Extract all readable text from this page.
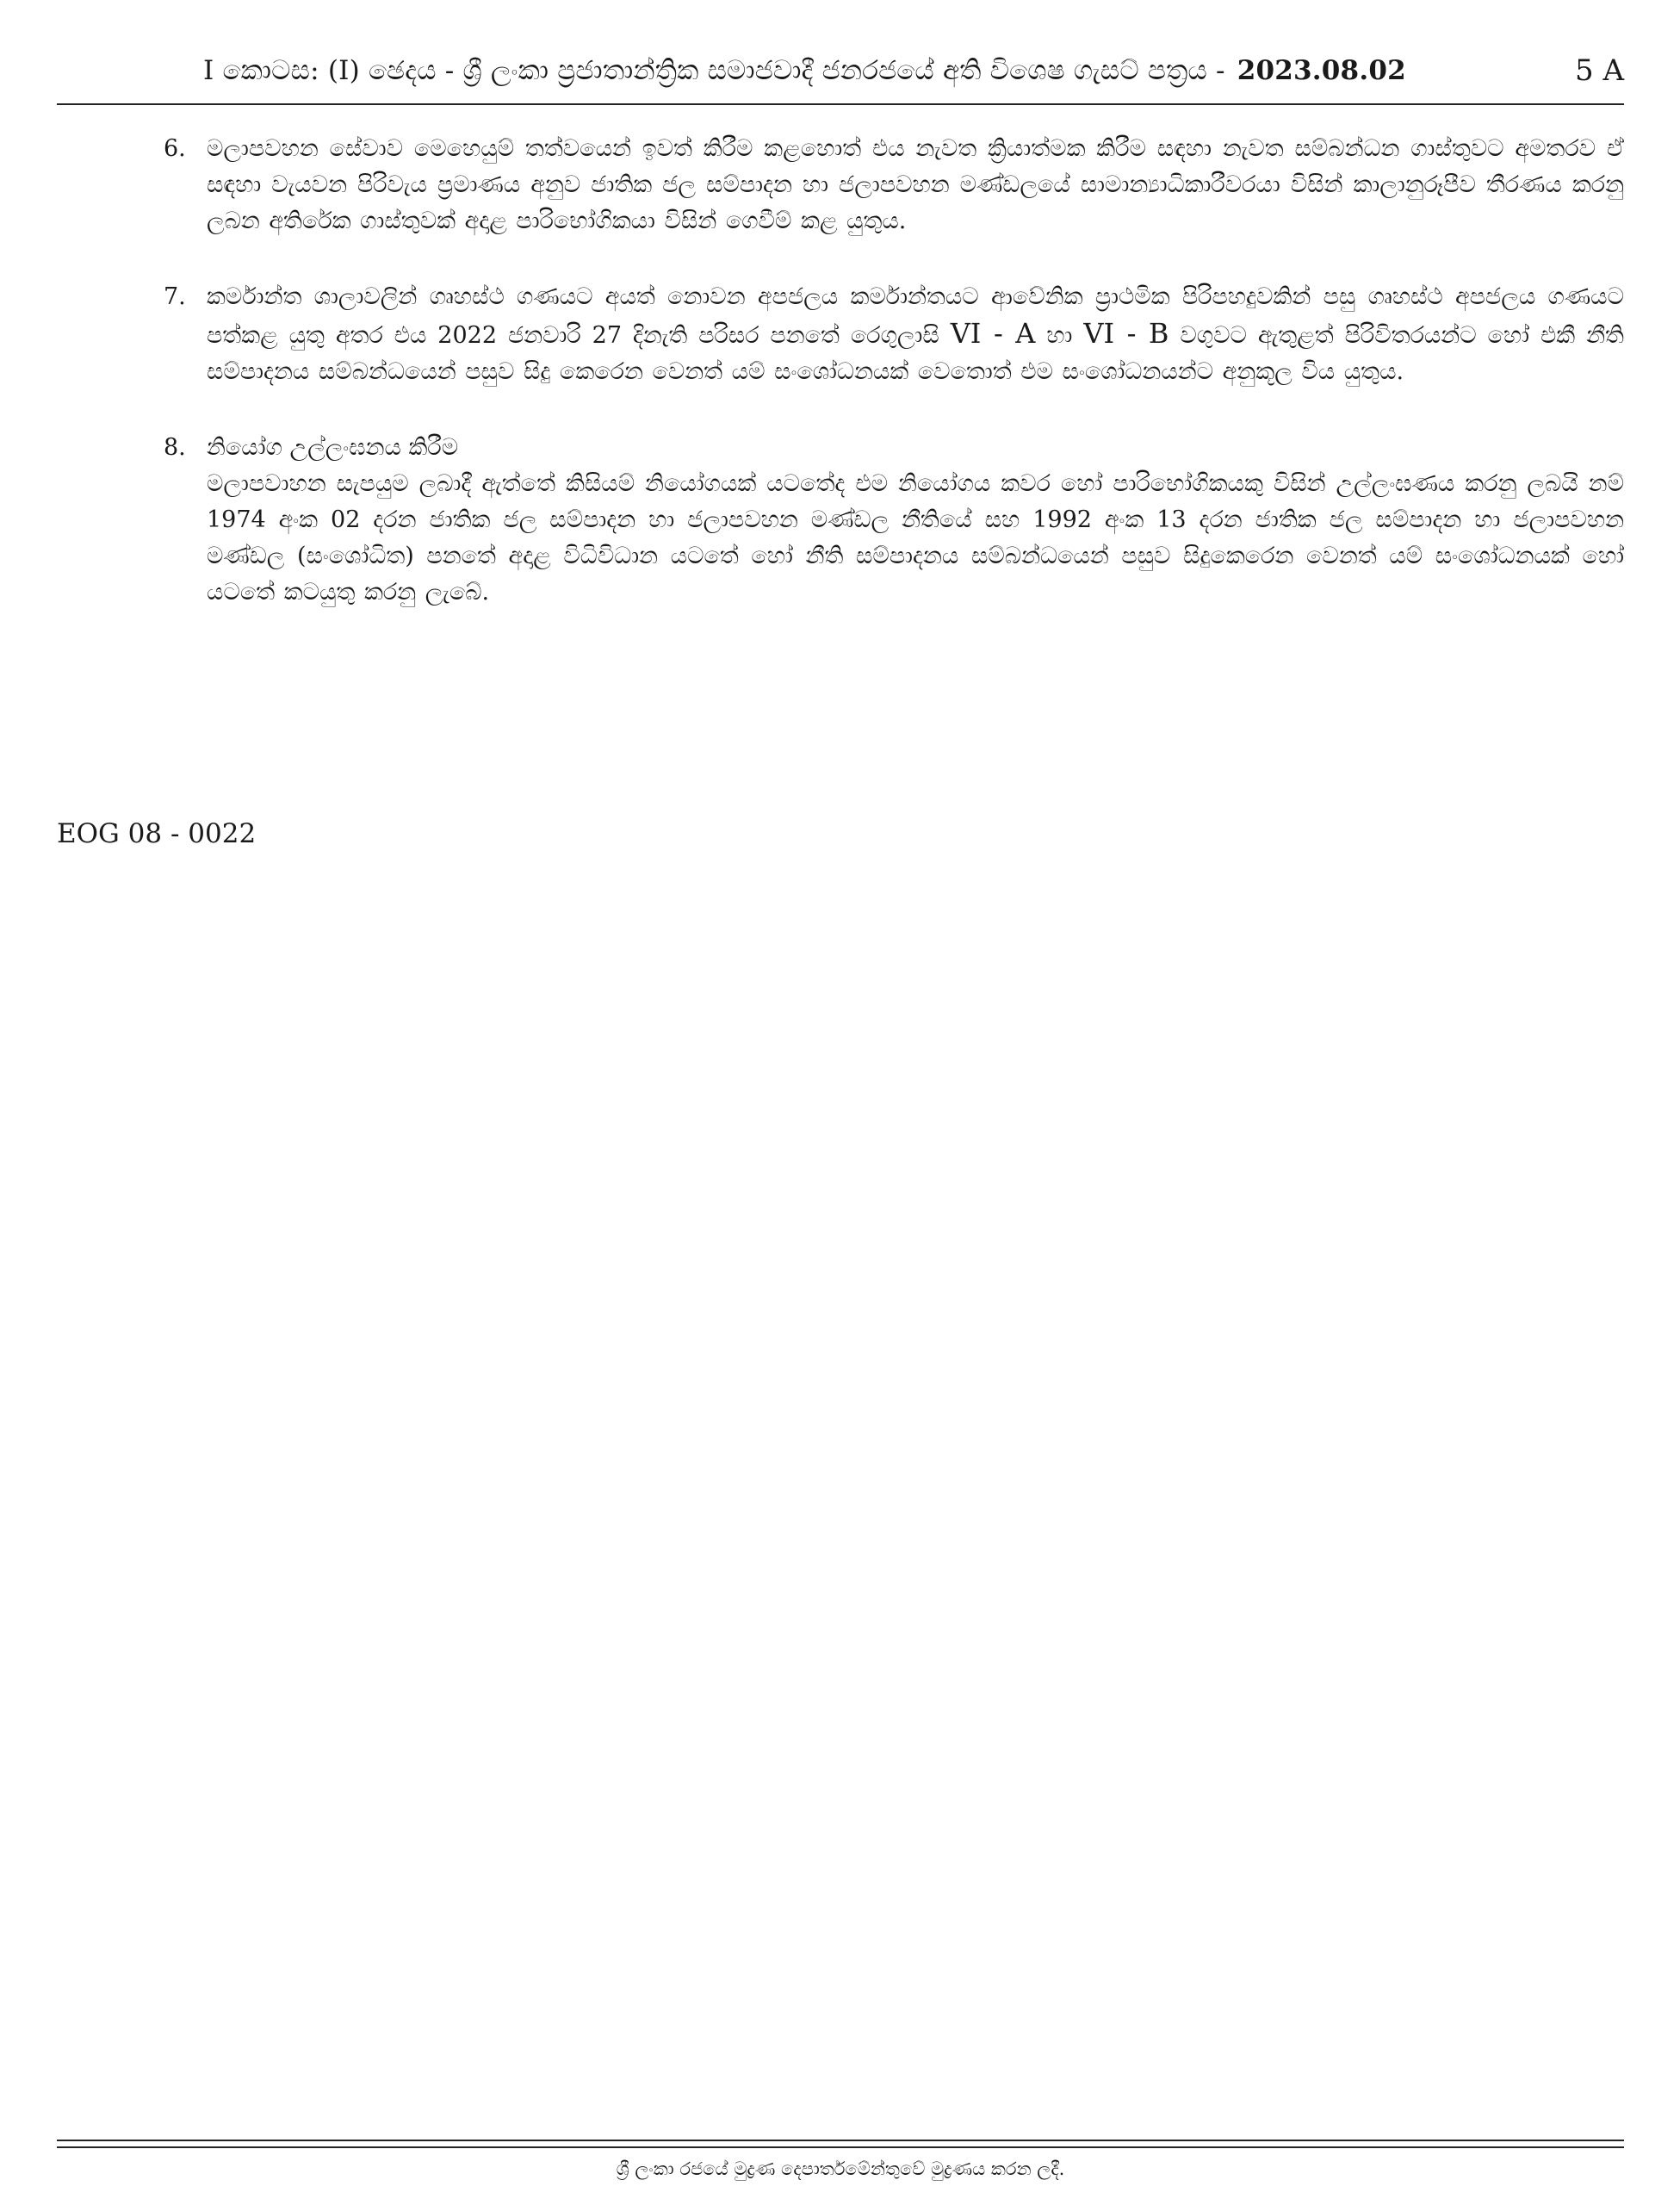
I කොටස: (I) ඡෙදය - ශ්‍රී ලංකා ප්‍රජාතාන්ත්‍රික සමාජවාදී ජනරජයේ අති විශෙෂ ගැසට් පත්‍රය - 2023.08.02	5 A
6. මලාපවහන සේවාව මෙහෙයුම් තත්වයෙන් ඉවත් කිරීම කළහොත් එය නැවත ක්‍රියාත්මක කිරීම සඳහා නැවත සම්බන්ධන ගාස්තුවට අමතරව ඒ සඳහා වැයවන පිරිවැය ප්‍රමාණය අනුව ජාතික ජල සම්පාදන හා ජලාපවහන මණ්ඩලයේ සාමාන්‍යාධිකාරීවරයා විසින් කාලානුරූපීව තීරණය කරනු ලබන අතිරේක ගාස්තුවක් අදාළ පාරිභෝගිකයා විසින් ගෙවීම් කළ යුතුය.
7. කර්මාන්ත ශාලාවලින් ගෘහස්ථ ගණයට අයත් නොවන අපජලය කර්මාන්තයට ආවේනික ප්‍රාථමික පිරිපහදුවකින් පසු ගෘහස්ථ අපජලය ගණයට පත්කළ යුතු අතර එය 2022 ජනවාරි 27 දිනැති පරිසර පනතේ රෙගුලාසි VI - A හා VI - B වගුවට ඇතුළත් පිරිවිතරයන්ට හෝ එකී නීති සම්පාදනය සම්බන්ධයෙන් පසුව සිදු කෙරෙන වෙනත් යම් සංශෝධනයක් වෙතොත් එම සංශෝධනයන්ට අනුකූල විය යුතුය.
8. නියෝග උල්ලංඝනය කිරීම
මලාපවාහන සැපයුම ලබාදී ඇත්තේ කිසියම් නියෝගයක් යටතේද එම නියෝගය කවර හෝ පාරිභෝගිකයකු විසින් උල්ලංඝණය කරනු ලබයි නම් 1974 අංක 02 දරන ජාතික ජල සම්පාදන හා ජලාපවහන මණ්ඩල නීතියේ සහ 1992 අංක 13 දරන ජාතික ජල සම්පාදන හා ජලාපවහන මණ්ඩල (සංශෝධිත) පනතේ අදාළ විධිවිධාන යටතේ හෝ නීති සම්පාදනය සම්බන්ධයෙන් පසුව සිදුකෙරෙන වෙනත් යම් සංශෝධනයක් හෝ යටතේ කටයුතු කරනු ලැබේ.
EOG 08 - 0022
ශ්‍රී ලංකා රජයේ මුද්‍රණ දෙපාර්තමේන්තුවේ මුද්‍රණය කරන ලදී.
